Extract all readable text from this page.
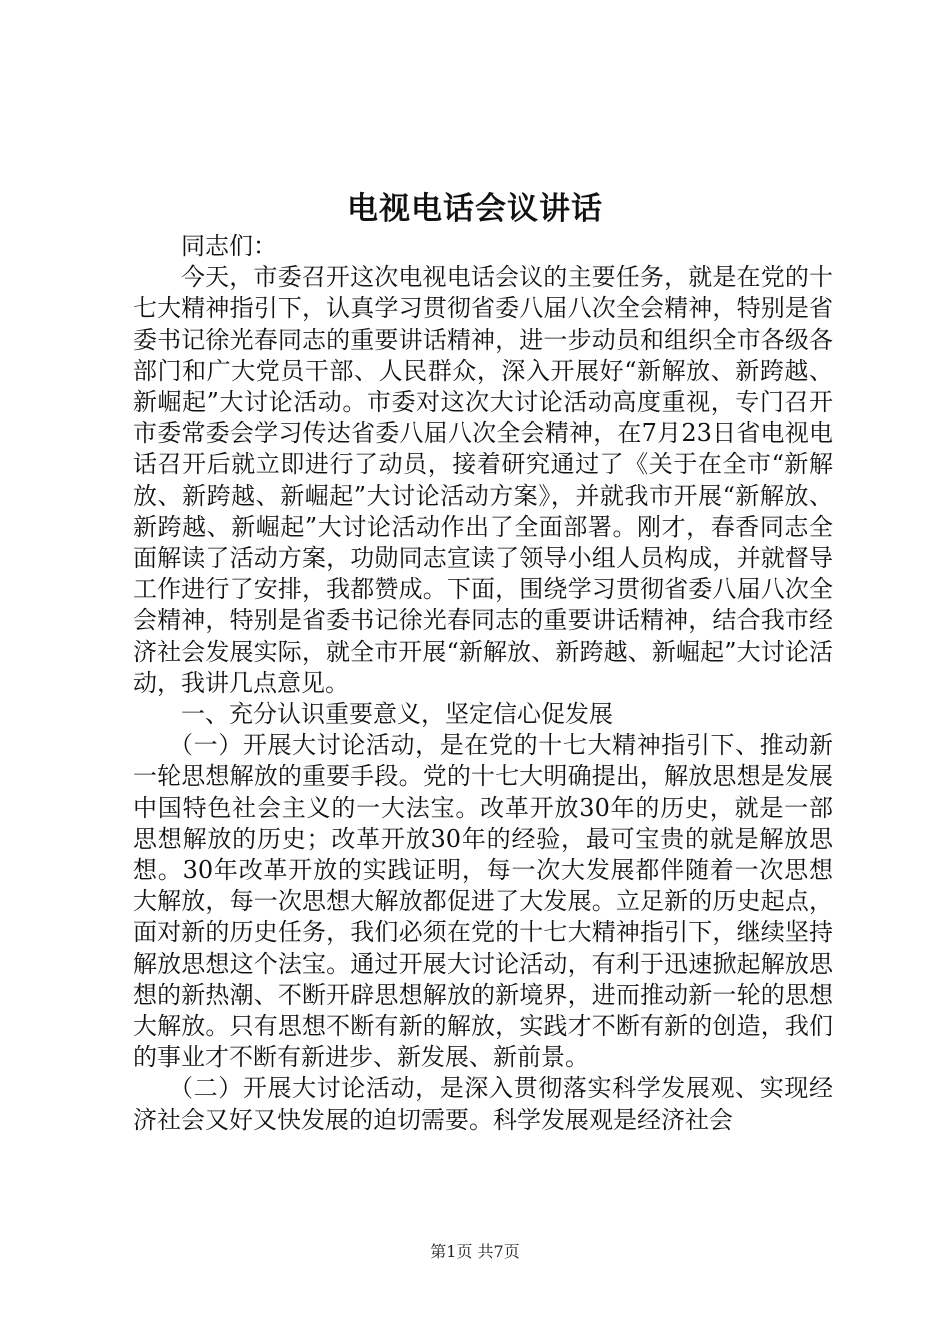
电视电话会议讲话

同志们：

今天，市委召开这次电视电话会议的主要任务，就是在党的十七大精神指引下，认真学习贯彻省委八届八次全会精神，特别是省委书记徐光春同志的重要讲话精神，进一步动员和组织全市各级各部门和广大党员干部、人民群众，深入开展好“新解放、新跨越、新崛起”大讨论活动。市委对这次大讨论活动高度重视，专门召开市委常委会学习传达省委八届八次全会精神，在7月23日省电视电话召开后就立即进行了动员，接着研究通过了《关于在全市“新解放、新跨越、新崛起”大讨论活动方案》，并就我市开展“新解放、新跨越、新崛起”大讨论活动作出了全面部署。刚才，春香同志全面解读了活动方案，功勋同志宣读了领导小组人员构成，并就督导工作进行了安排，我都赞成。下面，围绕学习贯彻省委八届八次全会精神，特别是省委书记徐光春同志的重要讲话精神，结合我市经济社会发展实际，就全市开展“新解放、新跨越、新崛起”大讨论活动，我讲几点意见。

一、充分认识重要意义，坚定信心促发展

（一）开展大讨论活动，是在党的十七大精神指引下、推动新一轮思想解放的重要手段。党的十七大明确提出，解放思想是发展中国特色社会主义的一大法宝。改革开放30年的历史，就是一部思想解放的历史；改革开放30年的经验，最可宝贵的就是解放思想。30年改革开放的实践证明，每一次大发展都伴随着一次思想大解放，每一次思想大解放都促进了大发展。立足新的历史起点，面对新的历史任务，我们必须在党的十七大精神指引下，继续坚持解放思想这个法宝。通过开展大讨论活动，有利于迅速掀起解放思想的新热潮、不断开辟思想解放的新境界，进而推动新一轮的思想大解放。只有思想不断有新的解放，实践才不断有新的创造，我们的事业才不断有新进步、新发展、新前景。

（二）开展大讨论活动，是深入贯彻落实科学发展观、实现经济社会又好又快发展的迫切需要。科学发展观是经济社会

第1页 共7页
